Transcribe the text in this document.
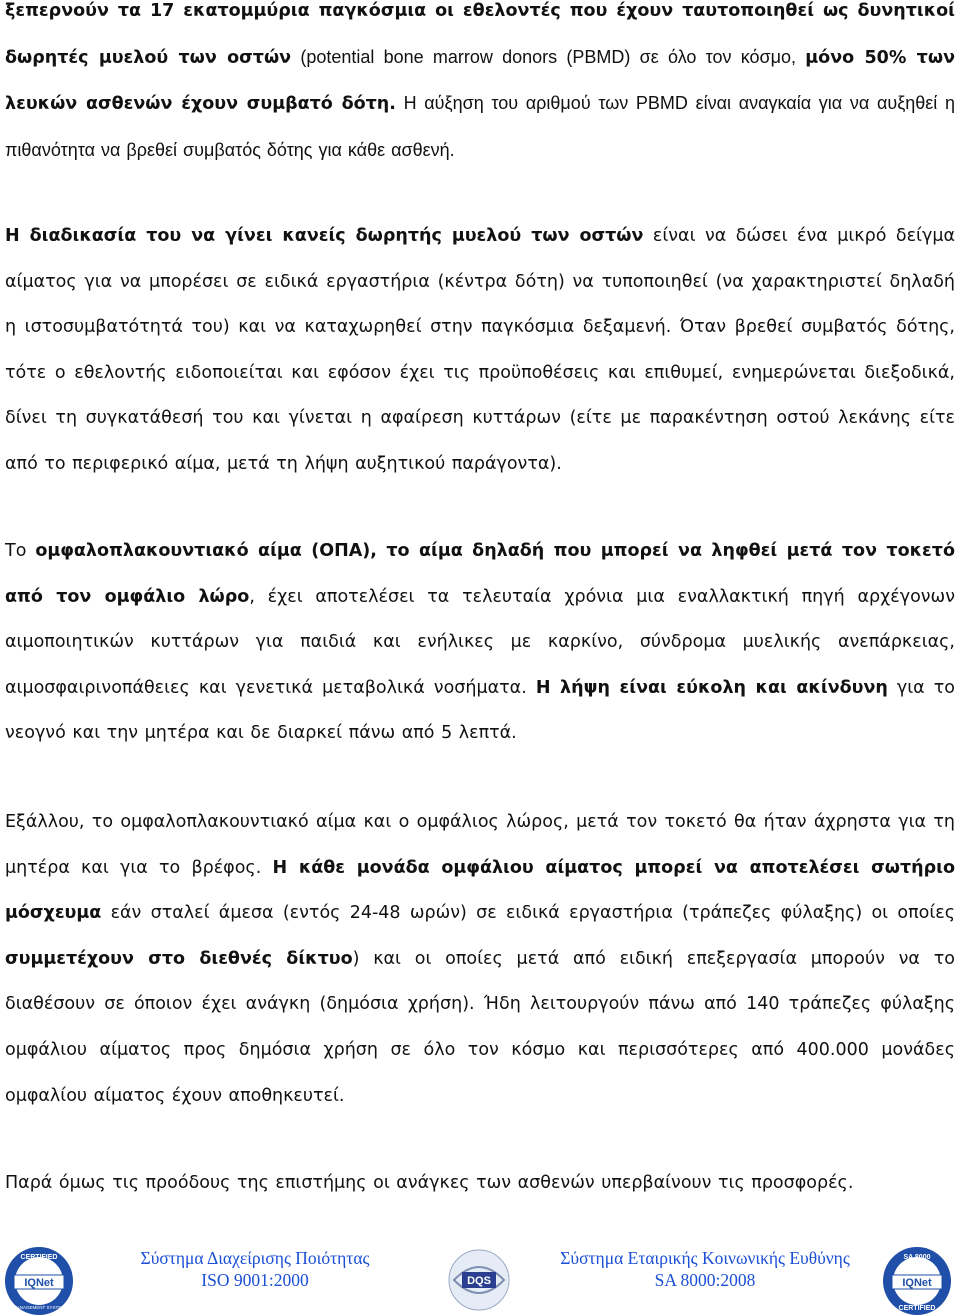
ξεπερνούν τα 17 εκατομμύρια παγκόσμια οι εθελοντές που έχουν ταυτοποιηθεί ως δυνητικοί δωρητές μυελού των οστών (potential bone marrow donors (PBMD) σε όλο τον κόσμο, μόνο 50% των λευκών ασθενών έχουν συμβατό δότη. Η αύξηση του αριθμού των PBMD είναι αναγκαία για να αυξηθεί η πιθανότητα να βρεθεί συμβατός δότης για κάθε ασθενή.

Η διαδικασία του να γίνει κανείς δωρητής μυελού των οστών είναι να δώσει ένα μικρό δείγμα αίματος για να μπορέσει σε ειδικά εργαστήρια (κέντρα δότη) να τυποποιηθεί (να χαρακτηριστεί δηλαδή η ιστοσυμβατότητά του) και να καταχωρηθεί στην παγκόσμια δεξαμενή. Όταν βρεθεί συμβατός δότης, τότε ο εθελοντής ειδοποιείται και εφόσον έχει τις προϋποθέσεις και επιθυμεί, ενημερώνεται διεξοδικά, δίνει τη συγκατάθεσή του και γίνεται η αφαίρεση κυττάρων (είτε με παρακέντηση οστού λεκάνης είτε από το περιφερικό αίμα, μετά τη λήψη αυξητικού παράγοντα).

Το ομφαλοπλακουντιακό αίμα (ΟΠΑ), το αίμα δηλαδή που μπορεί να ληφθεί μετά τον τοκετό από τον ομφάλιο λώρο, έχει αποτελέσει τα τελευταία χρόνια μια εναλλακτική πηγή αρχέγονων αιμοποιητικών κυττάρων για παιδιά και ενήλικες με καρκίνο, σύνδρομα μυελικής ανεπάρκειας, αιμοσφαιρινοπάθειες και γενετικά μεταβολικά νοσήματα. Η λήψη είναι εύκολη και ακίνδυνη για το νεογνό και την μητέρα και δε διαρκεί πάνω από 5 λεπτά.

Εξάλλου, το ομφαλοπλακουντιακό αίμα και ο ομφάλιος λώρος, μετά τον τοκετό θα ήταν άχρηστα για τη μητέρα και για το βρέφος. Η κάθε μονάδα ομφάλιου αίματος μπορεί να αποτελέσει σωτήριο μόσχευμα εάν σταλεί άμεσα (εντός 24-48 ωρών) σε ειδικά εργαστήρια (τράπεζες φύλαξης) οι οποίες συμμετέχουν στο διεθνές δίκτυο) και οι οποίες μετά από ειδική επεξεργασία μπορούν να το διαθέσουν σε όποιον έχει ανάγκη (δημόσια χρήση). Ήδη λειτουργούν πάνω από 140 τράπεζες φύλαξης ομφάλιου αίματος προς δημόσια χρήση σε όλο τον κόσμο και περισσότερες από 400.000 μονάδες ομφαλίου αίματος έχουν αποθηκευτεί.

Παρά όμως τις προόδους της επιστήμης οι ανάγκες των ασθενών υπερβαίνουν τις προσφορές.

IQNet
CERTIFIED
MANAGEMENT SYSTEM
Σύστημα Διαχείρισης Ποιότητας
ISO 9001:2000	DQS
Σύστημα Εταιρικής Κοινωνικής Ευθύνης
SA 8000:2008	IQNet
SA 8000
CERTIFIED
